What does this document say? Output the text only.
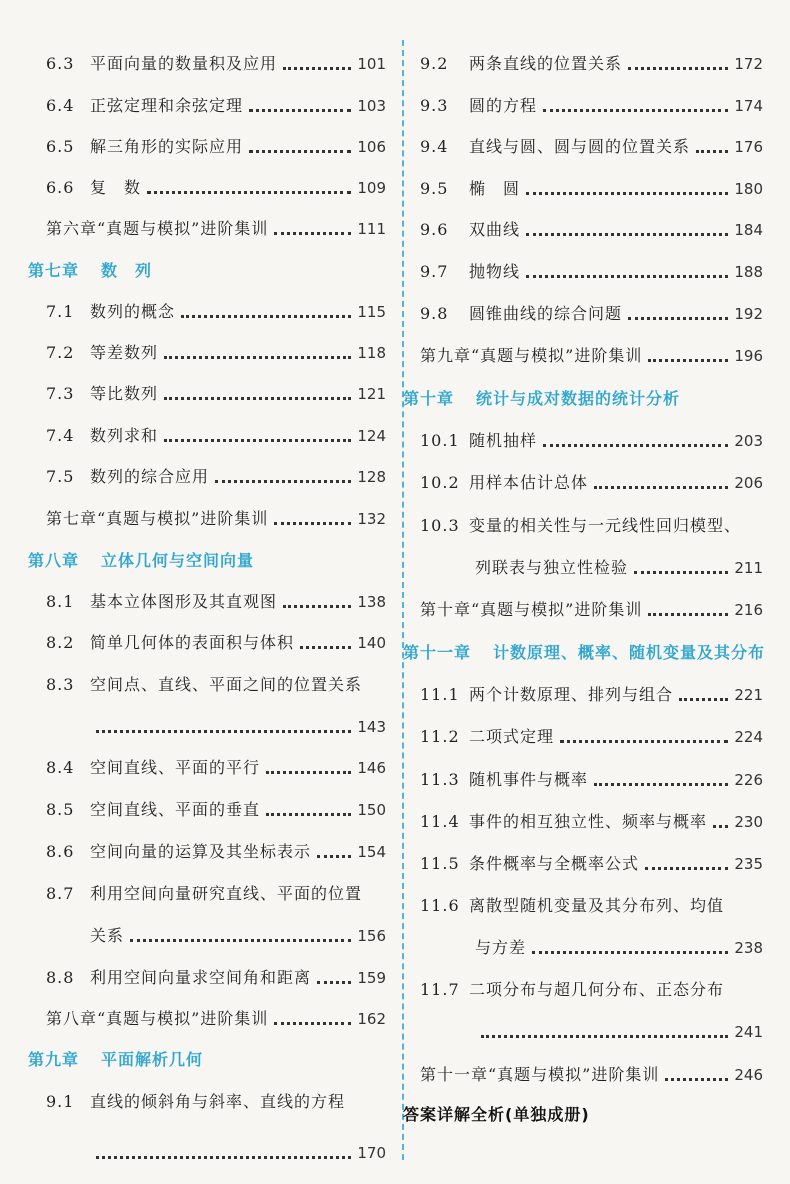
6.3 平面向量的数量积及应用	101
6.4 正弦定理和余弦定理	103
6.5 解三角形的实际应用	106
6.6 复　数	109
第六章“真题与模拟”进阶集训	111
第七章 数　列
7.1 数列的概念	115
7.2 等差数列	118
7.3 等比数列	121
7.4 数列求和	124
7.5 数列的综合应用	128
第七章“真题与模拟”进阶集训	132
第八章 立体几何与空间向量
8.1 基本立体图形及其直观图	138
8.2 简单几何体的表面积与体积	140
8.3 空间点、直线、平面之间的位置关系
143
8.4 空间直线、平面的平行	146
8.5 空间直线、平面的垂直	150
8.6 空间向量的运算及其坐标表示	154
8.7 利用空间向量研究直线、平面的位置
关系	156
8.8 利用空间向量求空间角和距离	159
第八章“真题与模拟”进阶集训	162
第九章 平面解析几何
9.1 直线的倾斜角与斜率、直线的方程
170
9.2	两条直线的位置关系	172
9.3	圆的方程	174
9.4	直线与圆、圆与圆的位置关系	176
9.5	椭　圆	180
9.6	双曲线	184
9.7	抛物线	188
9.8	圆锥曲线的综合问题	192
第九章“真题与模拟”进阶集训	196
第十章 统计与成对数据的统计分析
10.1 随机抽样	203
10.2 用样本估计总体	206
10.3 变量的相关性与一元线性回归模型、
列联表与独立性检验	211
第十章“真题与模拟”进阶集训	216
第十一章 计数原理、概率、随机变量及其分布
11.1 两个计数原理、排列与组合	221
11.2 二项式定理	224
11.3 随机事件与概率	226
11.4 事件的相互独立性、频率与概率 230
11.5 条件概率与全概率公式	235
11.6 离散型随机变量及其分布列、均值
与方差	238
11.7 二项分布与超几何分布、正态分布
241
第十一章“真题与模拟”进阶集训	246
答案详解全析(单独成册)
